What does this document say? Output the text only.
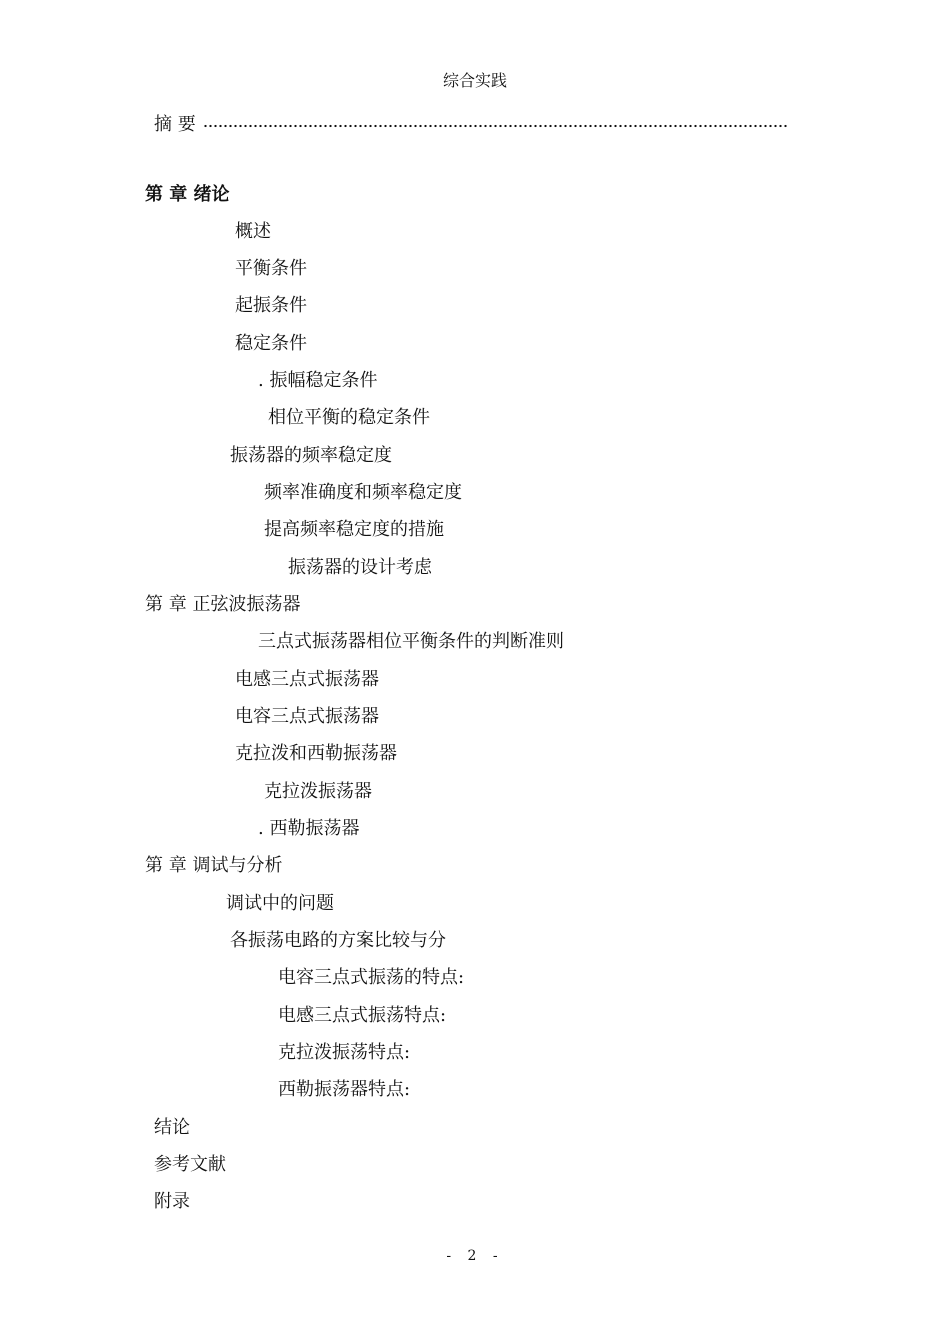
综合实践
摘 要
第 章 绪论
概述
平衡条件
起振条件
稳定条件
. 振幅稳定条件
相位平衡的稳定条件
振荡器的频率稳定度
频率准确度和频率稳定度
提高频率稳定度的措施
振荡器的设计考虑
第 章 正弦波振荡器
三点式振荡器相位平衡条件的判断准则
电感三点式振荡器
电容三点式振荡器
克拉泼和西勒振荡器
克拉泼振荡器
. 西勒振荡器
第 章 调试与分析
调试中的问题
各振荡电路的方案比较与分
电容三点式振荡的特点:
电感三点式振荡特点:
克拉泼振荡特点:
西勒振荡器特点:
结论
参考文献
附录
- 2 -
